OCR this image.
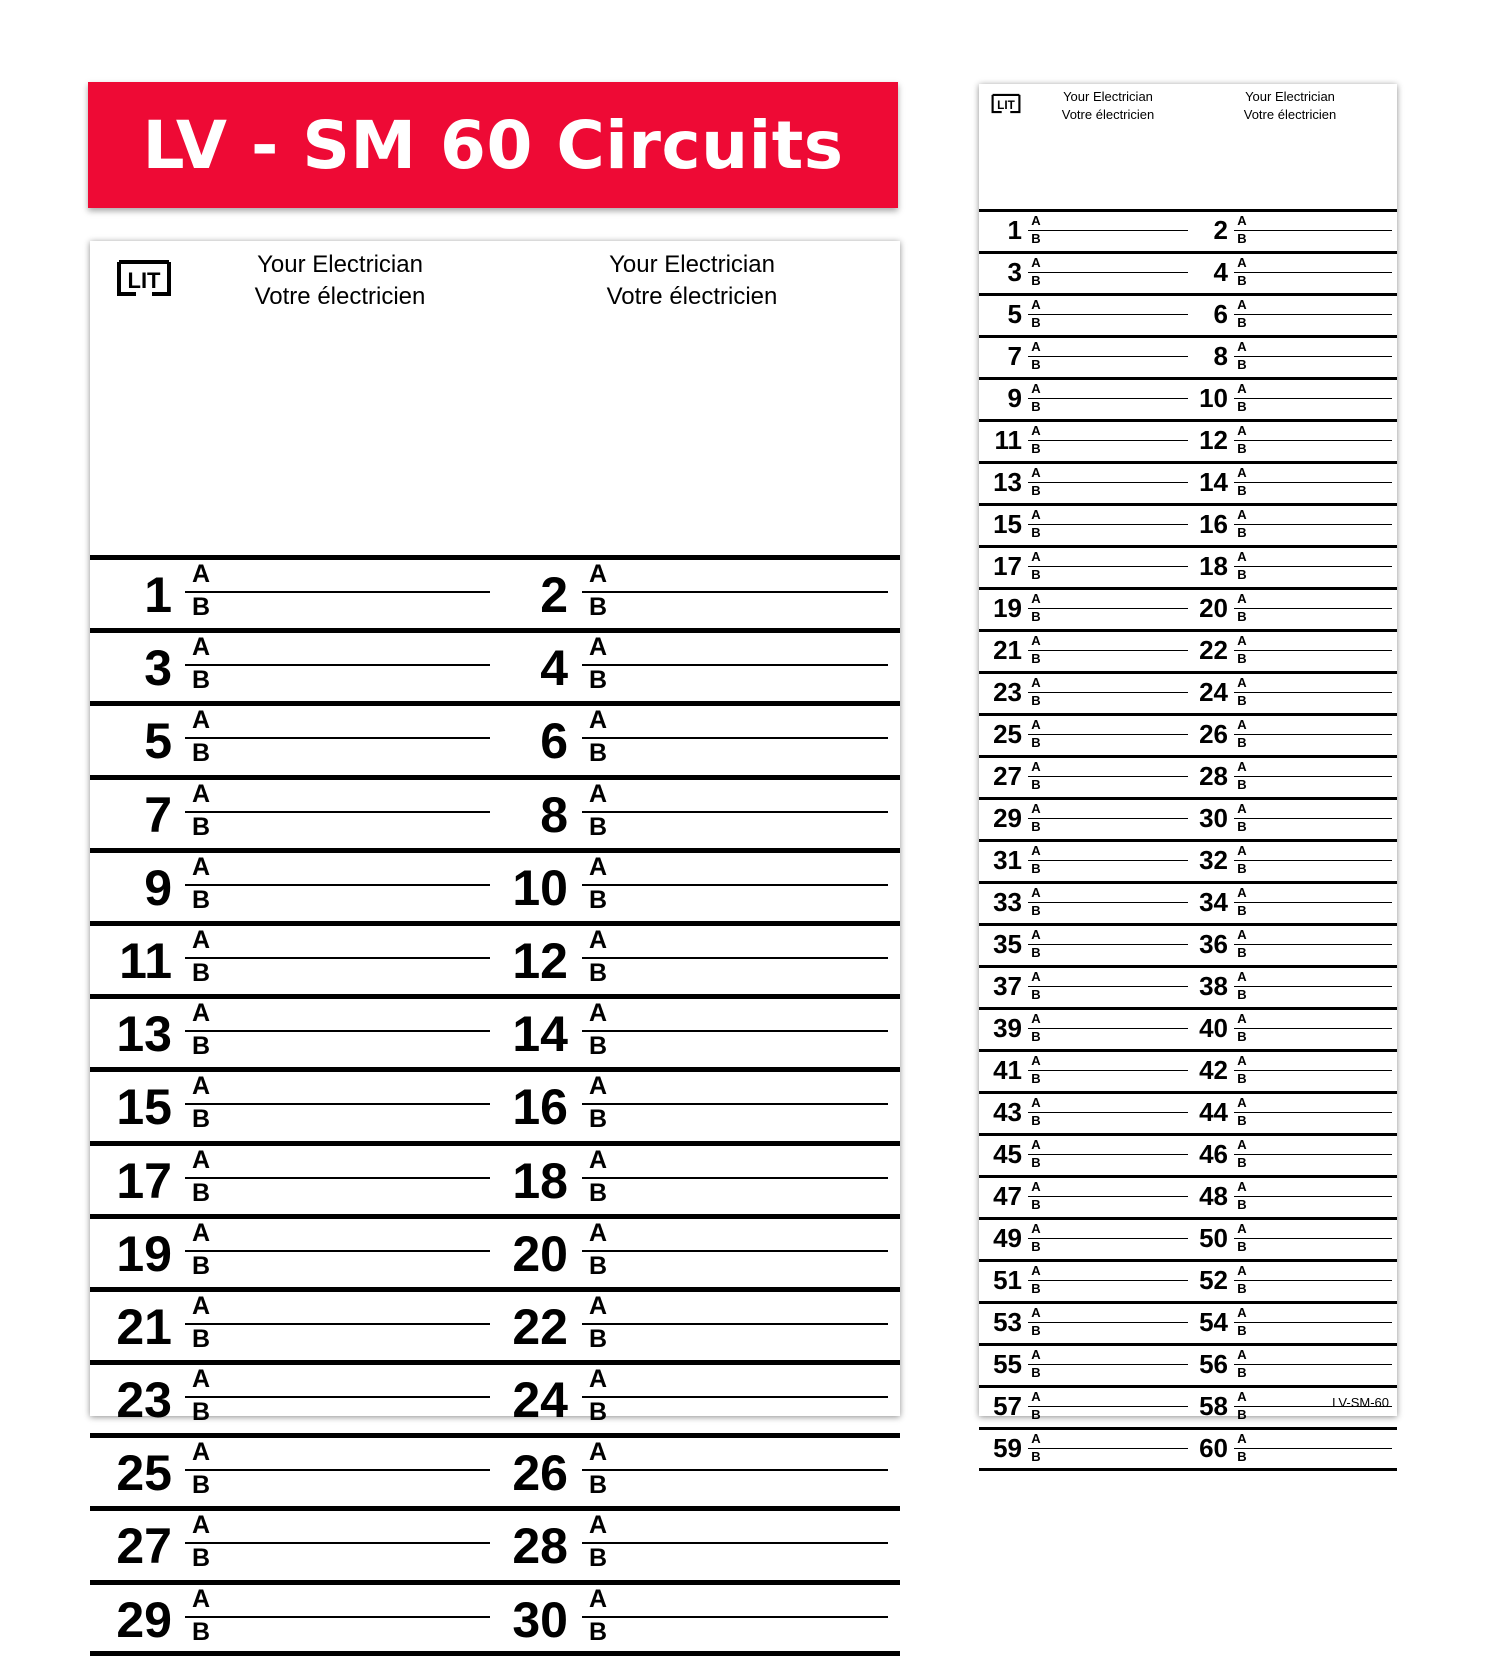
LV - SM 60 Circuits
LIT
Your Electrician
Votre électricien
Your Electrician
Votre électricien
1 A
B	2 A
B
3 A
B	4 A
B
5 A
B	6 A
B
7 A
B	8 A
B
9 A
B	10 A
B
11 A
B	12 A
B
13 A
B	14 A
B
15 A
B	16 A
B
17 A
B	18 A
B
19 A
B	20 A
B
21 A
B	22 A
B
23 A
B	24 A
B
25 A
B	26 A
B
27 A
B	28 A
B
29 A
B	30 A
B
LIT
Your Electrician
Votre électricien
Your Electrician
Votre électricien
1 A
B	2 A
B
3 A
B	4 A
B
5 A
B	6 A
B
7 A
B	8 A
B
9 A
B	10 A
B
11 A
B	12 A
B
13 A
B	14 A
B
15 A
B	16 A
B
17 A
B	18 A
B
19 A
B	20 A
B
21 A
B	22 A
B
23 A
B	24 A
B
25 A
B	26 A
B
27 A
B	28 A
B
29 A
B	30 A
B
31 A
B	32 A
B
33 A
B	34 A
B
35 A
B	36 A
B
37 A
B	38 A
B
39 A
B	40 A
B
41 A
B	42 A
B
43 A
B	44 A
B
45 A
B	46 A
B
47 A
B	48 A
B
49 A
B	50 A
B
51 A
B	52 A
B
53 A
B	54 A
B
55 A
B	56 A
B
57 A
B	58 A
B
59 A
B	60 A
B
LV-SM-60
